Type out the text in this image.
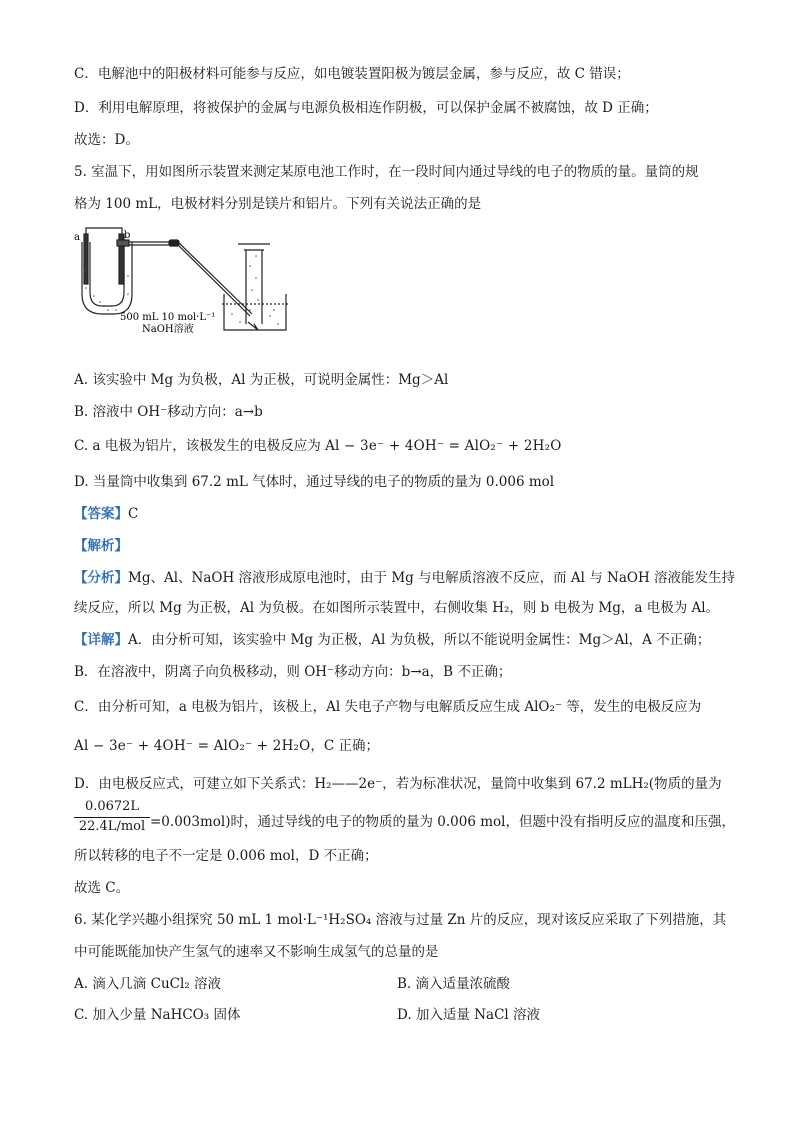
C．电解池中的阳极材料可能参与反应，如电镀装置阳极为镀层金属，参与反应，故 C 错误；
D．利用电解原理，将被保护的金属与电源负极相连作阴极，可以保护金属不被腐蚀，故 D 正确；
故选：D。
5. 室温下，用如图所示装置来测定某原电池工作时，在一段时间内通过导线的电子的物质的量。量筒的规
格为 100 mL，电极材料分别是镁片和铝片。下列有关说法正确的是
a	b
500 mL 10 mol·L⁻¹
NaOH溶液
A. 该实验中 Mg 为负极，Al 为正极，可说明金属性：Mg＞Al
B. 溶液中 OH⁻移动方向：a→b
C. a 电极为铝片，该极发生的电极反应为 Al − 3e⁻ + 4OH⁻ = AlO₂⁻ + 2H₂O
D. 当量筒中收集到 67.2 mL 气体时，通过导线的电子的物质的量为 0.006 mol
【答案】C
【解析】
【分析】Mg、Al、NaOH 溶液形成原电池时，由于 Mg 与电解质溶液不反应，而 Al 与 NaOH 溶液能发生持
续反应，所以 Mg 为正极，Al 为负极。在如图所示装置中，右侧收集 H₂，则 b 电极为 Mg，a 电极为 Al。
【详解】A．由分析可知，该实验中 Mg 为正极，Al 为负极，所以不能说明金属性：Mg＞Al，A 不正确；
B．在溶液中，阴离子向负极移动，则 OH⁻移动方向：b→a，B 不正确；
C．由分析可知，a 电极为铝片，该极上，Al 失电子产物与电解质反应生成 AlO₂⁻ 等，发生的电极反应为
Al − 3e⁻ + 4OH⁻ = AlO₂⁻ + 2H₂O，C 正确；
D．由电极反应式，可建立如下关系式：H₂——2e⁻，若为标准状况，量筒中收集到 67.2 mLH₂(物质的量为
0.0672L
22.4L/mol =0.003mol)时，通过导线的电子的物质的量为 0.006 mol，但题中没有指明反应的温度和压强，
所以转移的电子不一定是 0.006 mol，D 不正确；
故选 C。
6. 某化学兴趣小组探究 50 mL 1 mol·L⁻¹H₂SO₄ 溶液与过量 Zn 片的反应，现对该反应采取了下列措施，其
中可能既能加快产生氢气的速率又不影响生成氢气的总量的是
A. 滴入几滴 CuCl₂ 溶液	B. 滴入适量浓硫酸
C. 加入少量 NaHCO₃ 固体	D. 加入适量 NaCl 溶液
